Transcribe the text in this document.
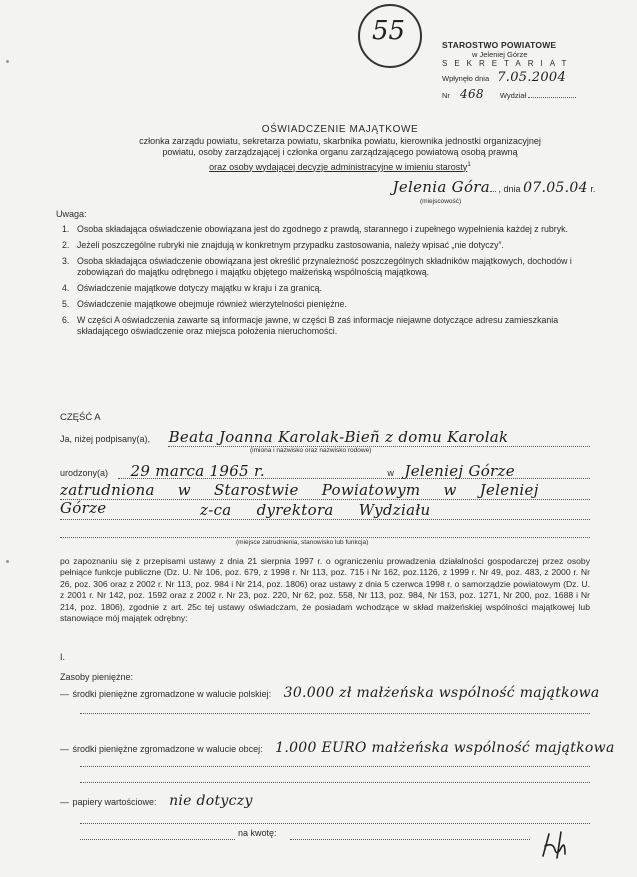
55	STAROSTWO POWIATOWE
w Jeleniej Górze
SEKRETARIAT
Wpłynęło dnia 7.05.2004
Nr 468 Wydział
OŚWIADCZENIE MAJĄTKOWE
członka zarządu powiatu, sekretarza powiatu, skarbnika powiatu, kierownika jednostki organizacyjnej
powiatu, osoby zarządzającej i członka organu zarządzającego powiatową osobą prawną
oraz osoby wydającej decyzje administracyjne w imieniu starosty$^1$
Jelenia Góra , dnia 07.05.04 r.
(miejscowość)
Uwaga:
1. Osoba składająca oświadczenie obowiązana jest do zgodnego z prawdą, starannego i zupełnego wypełnienia każdej z rubryk.
2. Jeżeli poszczególne rubryki nie znajdują w konkretnym przypadku zastosowania, należy wpisać „nie dotyczy”.
3. Osoba składająca oświadczenie obowiązana jest określić przynależność poszczególnych składników majątkowych, dochodów i zobowiązań do majątku odrębnego i majątku objętego małżeńską wspólnością majątkową.
4. Oświadczenie majątkowe dotyczy majątku w kraju i za granicą.
5. Oświadczenie majątkowe obejmuje również wierzytelności pieniężne.
6. W części A oświadczenia zawarte są informacje jawne, w części B zaś informacje niejawne dotyczące adresu zamieszkania składającego oświadczenie oraz miejsca położenia nieruchomości.
CZĘŚĆ A
Ja, niżej podpisany(a), Beata Joanna Karolak-Bieñ z domu Karolak
(imiona i nazwisko oraz nazwisko rodowe)
urodzony(a) 29 marca 1965 r.	w Jeleniej Górze
zatrudniona w Starostwie Powiatowym w Jeleniej Górze	z-ca dyrektora Wydziału
(miejsce zatrudnienia, stanowisko lub funkcja)
po zapoznaniu się z przepisami ustawy z dnia 21 sierpnia 1997 r. o ograniczeniu prowadzenia działalności gospodarczej przez osoby pełniące funkcje publiczne (Dz. U. Nr 106, poz. 679, z 1998 r. Nr 113, poz. 715 i Nr 162, poz.1126, z 1999 r. Nr 49, poz. 483, z 2000 r. Nr 26, poz. 306 oraz z 2002 r. Nr 113, poz. 984 i Nr 214, poz. 1806) oraz ustawy z dnia 5 czerwca 1998 r. o samorządzie powiatowym (Dz. U. z 2001 r. Nr 142, poz. 1592 oraz z 2002 r. Nr 23, poz. 220, Nr 62, poz. 558, Nr 113, poz. 984, Nr 153, poz. 1271, Nr 200, poz. 1688 i Nr 214, poz. 1806), zgodnie z art. 25c tej ustawy oświadczam, że posiadam wchodzące w skład małżeńskiej wspólności majątkowej lub stanowiące mój majątek odrębny:
I.
Zasoby pieniężne:
— środki pieniężne zgromadzone w walucie polskiej: 30.000 zł małżeńska wspólność majątkowa
— środki pieniężne zgromadzone w walucie obcej: 1.000 EURO małżeńska wspólność majątkowa
— papiery wartościowe: nie dotyczy
na kwotę:
